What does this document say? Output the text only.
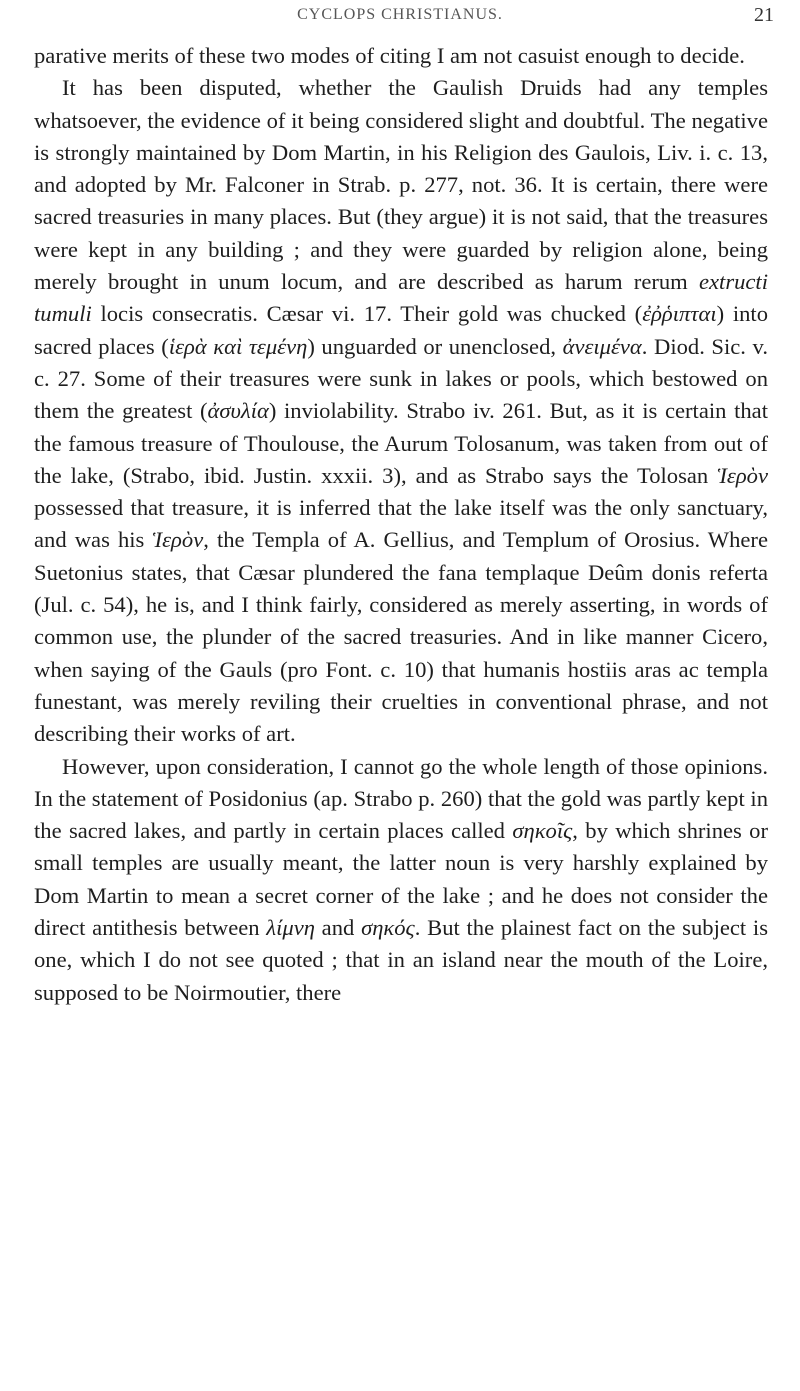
CYCLOPS CHRISTIANUS.	21

parative merits of these two modes of citing I am not casuist enough to decide.

It has been disputed, whether the Gaulish Druids had any temples whatsoever, the evidence of it being considered slight and doubtful. The negative is strongly maintained by Dom Martin, in his Religion des Gaulois, Liv. i. c. 13, and adopted by Mr. Falconer in Strab. p. 277, not. 36. It is certain, there were sacred treasuries in many places. But (they argue) it is not said, that the treasures were kept in any building ; and they were guarded by religion alone, being merely brought in unum locum, and are described as harum rerum extructi tumuli locis consecratis. Cæsar vi. 17. Their gold was chucked (ἐῤῥιπται) into sacred places (ἱερὰ καὶ τεμένη) unguarded or unenclosed, ἀνειμένα. Diod. Sic. v. c. 27. Some of their treasures were sunk in lakes or pools, which bestowed on them the greatest (ἀσυλία) inviolability. Strabo iv. 261. But, as it is certain that the famous treasure of Thoulouse, the Aurum Tolosanum, was taken from out of the lake, (Strabo, ibid. Justin. xxxii. 3), and as Strabo says the Tolosan Ἱερὸν possessed that treasure, it is inferred that the lake itself was the only sanctuary, and was his Ἱερὸν, the Templa of A. Gellius, and Templum of Orosius. Where Suetonius states, that Cæsar plundered the fana templaque Deûm donis referta (Jul. c. 54), he is, and I think fairly, considered as merely asserting, in words of common use, the plunder of the sacred treasuries. And in like manner Cicero, when saying of the Gauls (pro Font. c. 10) that humanis hostiis aras ac templa funestant, was merely reviling their cruelties in conventional phrase, and not describing their works of art.

However, upon consideration, I cannot go the whole length of those opinions. In the statement of Posidonius (ap. Strabo p. 260) that the gold was partly kept in the sacred lakes, and partly in certain places called σηκοῖς, by which shrines or small temples are usually meant, the latter noun is very harshly explained by Dom Martin to mean a secret corner of the lake ; and he does not consider the direct antithesis between λίμνη and σηκός. But the plainest fact on the subject is one, which I do not see quoted ; that in an island near the mouth of the Loire, supposed to be Noirmoutier, there
